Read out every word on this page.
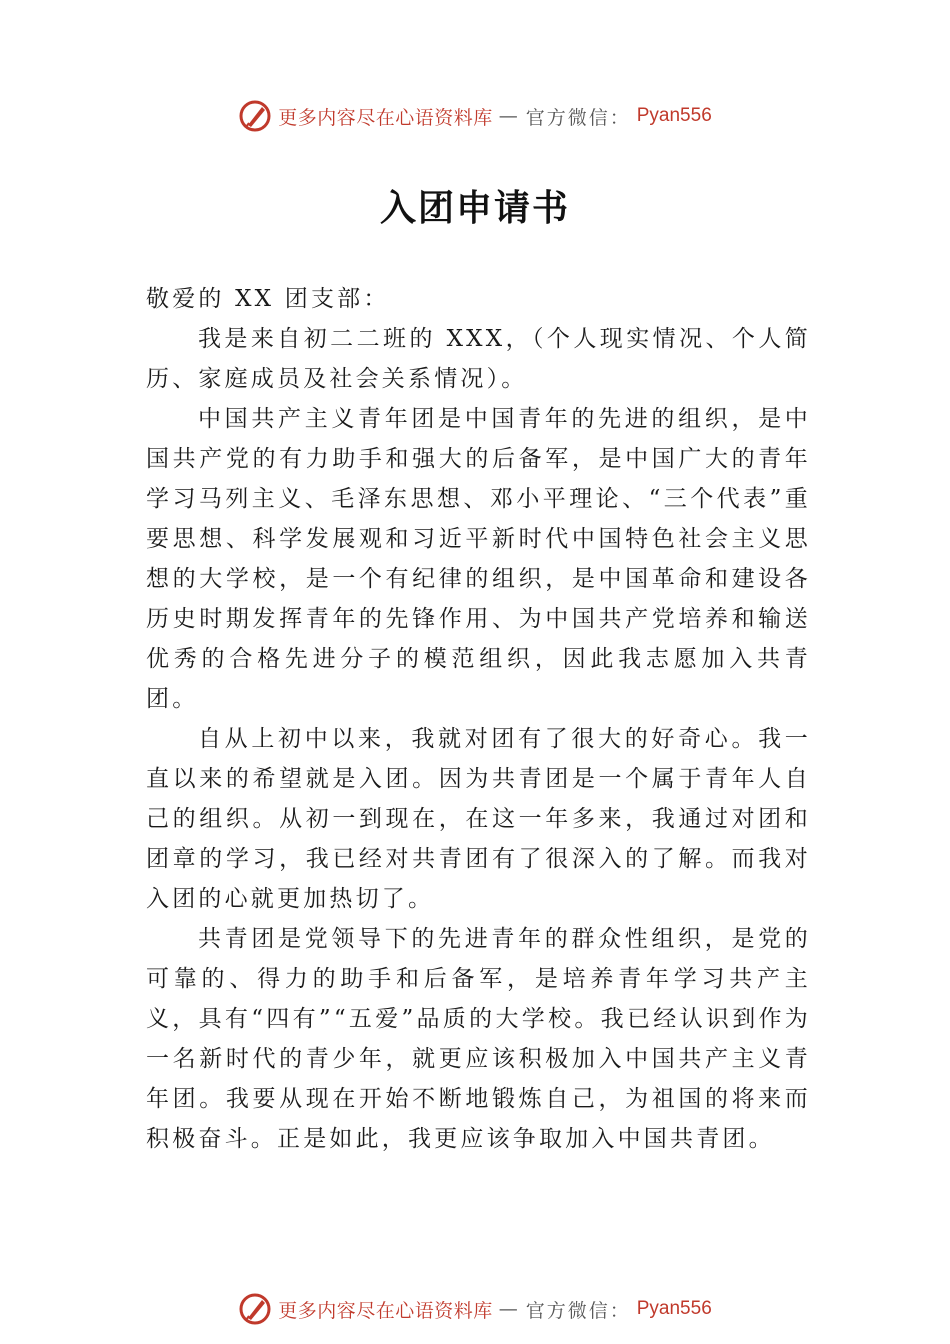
更多内容尽在心语资料库 — 官方微信： Pyan556
入团申请书

敬爱的 XX 团支部：

我是来自初二二班的 XXX，（个人现实情况、个人简历、家庭成员及社会关系情况）。

中国共产主义青年团是中国青年的先进的组织，是中国共产党的有力助手和强大的后备军，是中国广大的青年学习马列主义、毛泽东思想、邓小平理论、“三个代表”重要思想、科学发展观和习近平新时代中国特色社会主义思想的大学校，是一个有纪律的组织，是中国革命和建设各历史时期发挥青年的先锋作用、为中国共产党培养和输送优秀的合格先进分子的模范组织，因此我志愿加入共青团。

自从上初中以来，我就对团有了很大的好奇心。我一直以来的希望就是入团。因为共青团是一个属于青年人自己的组织。从初一到现在，在这一年多来，我通过对团和团章的学习，我已经对共青团有了很深入的了解。而我对入团的心就更加热切了。

共青团是党领导下的先进青年的群众性组织，是党的可靠的、得力的助手和后备军，是培养青年学习共产主义，具有“四有”“五爱”品质的大学校。我已经认识到作为一名新时代的青少年，就更应该积极加入中国共产主义青年团。我要从现在开始不断地锻炼自己，为祖国的将来而积极奋斗。正是如此，我更应该争取加入中国共青团。

更多内容尽在心语资料库 — 官方微信： Pyan556
